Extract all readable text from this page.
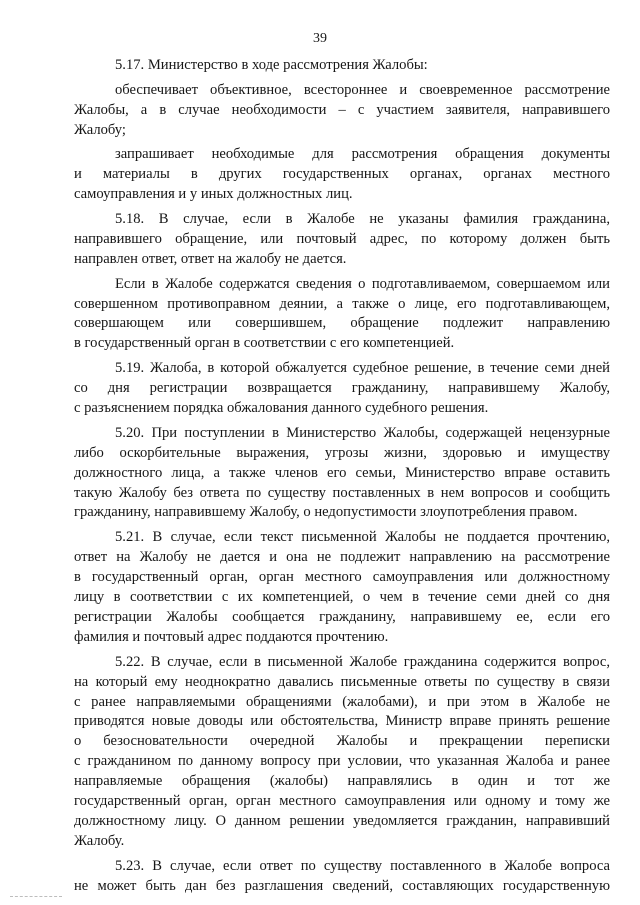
39
5.17. Министерство в ходе рассмотрения Жалобы:
обеспечивает объективное, всестороннее и своевременное рассмотрение
Жалобы, а в случае необходимости – с участием заявителя, направившего
Жалобу;
запрашивает необходимые для рассмотрения обращения документы
и материалы в других государственных органах, органах местного
самоуправления и у иных должностных лиц.
5.18. В случае, если в Жалобе не указаны фамилия гражданина,
направившего обращение, или почтовый адрес, по которому должен быть
направлен ответ, ответ на жалобу не дается.
Если в Жалобе содержатся сведения о подготавливаемом, совершаемом или
совершенном противоправном деянии, а также о лице, его подготавливающем,
совершающем или совершившем, обращение подлежит направлению
в государственный орган в соответствии с его компетенцией.
5.19. Жалоба, в которой обжалуется судебное решение, в течение семи дней
со дня регистрации возвращается гражданину, направившему Жалобу,
с разъяснением порядка обжалования данного судебного решения.
5.20. При поступлении в Министерство Жалобы, содержащей нецензурные
либо оскорбительные выражения, угрозы жизни, здоровью и имуществу
должностного лица, а также членов его семьи, Министерство вправе оставить
такую Жалобу без ответа по существу поставленных в нем вопросов и сообщить
гражданину, направившему Жалобу, о недопустимости злоупотребления правом.
5.21. В случае, если текст письменной Жалобы не поддается прочтению,
ответ на Жалобу не дается и она не подлежит направлению на рассмотрение
в государственный орган, орган местного самоуправления или должностному
лицу в соответствии с их компетенцией, о чем в течение семи дней со дня
регистрации Жалобы сообщается гражданину, направившему ее, если его
фамилия и почтовый адрес поддаются прочтению.
5.22. В случае, если в письменной Жалобе гражданина содержится вопрос,
на который ему неоднократно давались письменные ответы по существу в связи
с ранее направляемыми обращениями (жалобами), и при этом в Жалобе не
приводятся новые доводы или обстоятельства, Министр вправе принять решение
о безосновательности очередной Жалобы и прекращении переписки
с гражданином по данному вопросу при условии, что указанная Жалоба и ранее
направляемые обращения (жалобы) направлялись в один и тот же
государственный орган, орган местного самоуправления или одному и тому же
должностному лицу. О данном решении уведомляется гражданин, направивший
Жалобу.
5.23. В случае, если ответ по существу поставленного в Жалобе вопроса
не может быть дан без разглашения сведений, составляющих государственную
